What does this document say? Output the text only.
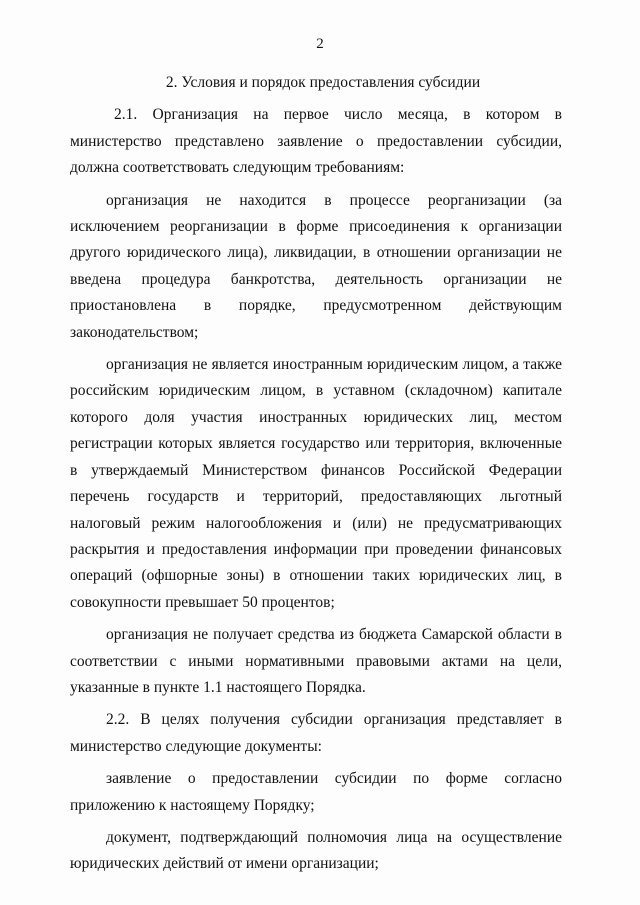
2

2. Условия и порядок предоставления субсидии

2.1. Организация на первое число месяца, в котором в министерство представлено заявление о предоставлении субсидии, должна соответствовать следующим требованиям:

организация не находится в процессе реорганизации (за исключением реорганизации в форме присоединения к организации другого юридического лица), ликвидации, в отношении организации не введена процедура банкротства, деятельность организации не приостановлена в порядке, предусмотренном действующим законодательством;

организация не является иностранным юридическим лицом, а также российским юридическим лицом, в уставном (складочном) капитале которого доля участия иностранных юридических лиц, местом регистрации которых является государство или территория, включенные в утверждаемый Министерством финансов Российской Федерации перечень государств и территорий, предоставляющих льготный налоговый режим налогообложения и (или) не предусматривающих раскрытия и предоставления информации при проведении финансовых операций (офшорные зоны) в отношении таких юридических лиц, в совокупности превышает 50 процентов;

организация не получает средства из бюджета Самарской области в соответствии с иными нормативными правовыми актами на цели, указанные в пункте 1.1 настоящего Порядка.

2.2. В целях получения субсидии организация представляет в министерство следующие документы:

заявление о предоставлении субсидии по форме согласно приложению к настоящему Порядку;

документ, подтверждающий полномочия лица на осуществление юридических действий от имени организации;
